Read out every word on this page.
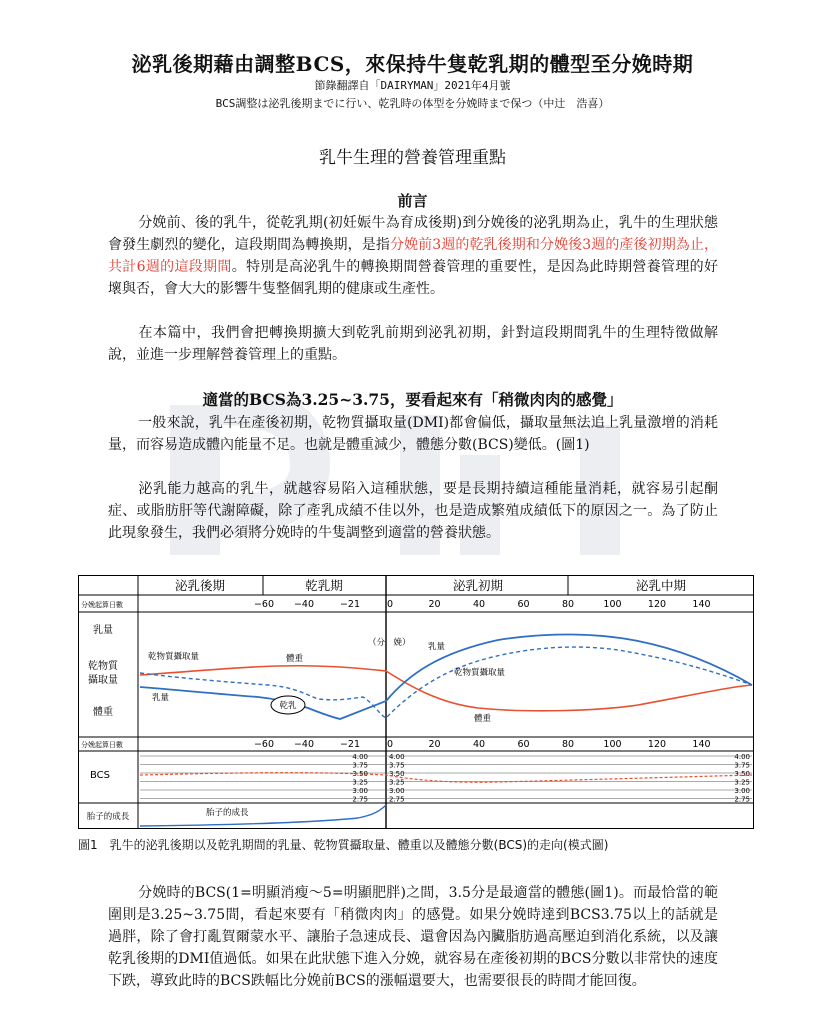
泌乳後期藉由調整BCS，來保持牛隻乾乳期的體型至分娩時期
節錄翻譯自「DAIRYMAN」2021年4月號
BCS調整は泌乳後期までに行い、乾乳時の体型を分娩時まで保つ（中辻　浩喜）
乳牛生理的營養管理重點
前言
分娩前、後的乳牛，從乾乳期(初妊娠牛為育成後期)到分娩後的泌乳期為止，乳牛的生理狀態會發生劇烈的變化，這段期間為轉換期，是指分娩前3週的乾乳後期和分娩後3週的產後初期為止，共計6週的這段期間。特別是高泌乳牛的轉換期間營養管理的重要性，是因為此時期營養管理的好壞與否，會大大的影響牛隻整個乳期的健康或生產性。
在本篇中，我們會把轉換期擴大到乾乳前期到泌乳初期，針對這段期間乳牛的生理特徵做解說，並進一步理解營養管理上的重點。
適當的BCS為3.25~3.75，要看起來有「稍微肉肉的感覺」
一般來說，乳牛在產後初期，乾物質攝取量(DMI)都會偏低，攝取量無法追上乳量激增的消耗量，而容易造成體內能量不足。也就是體重減少，體態分數(BCS)變低。(圖1)
泌乳能力越高的乳牛，就越容易陷入這種狀態，要是長期持續這種能量消耗，就容易引起酮症、或脂肪肝等代謝障礙，除了產乳成績不佳以外，也是造成繁殖成績低下的原因之一。為了防止此現象發生，我們必須將分娩時的牛隻調整到適當的營養狀態。
泌乳後期	乾乳期	泌乳初期	泌乳中期
分娩起算日數	−60 −40	−21	0	20	40	60	80	100	120	140
乳量
乾物質
攝取量
體重
乾物質攝取量	體重
乳量
乾乳
（分　娩） 乳量
乾物質攝取量
體重
分娩起算日數	−60 −40	−21	0	20	40	60	80	100	120	140
BCS
4.00	4.00	4.00
3.75	3.75	3.75
3.50	3.50	3.50
3.25	3.25	3.25
3.00	3.00	3.00
2.75	2.75	2.75
胎子的成長	胎子的成長
圖1　乳牛的泌乳後期以及乾乳期間的乳量、乾物質攝取量、體重以及體態分數(BCS)的走向(模式圖)
分娩時的BCS(1=明顯消瘦～5=明顯肥胖)之間，3.5分是最適當的體態(圖1)。而最恰當的範圍則是3.25~3.75間，看起來要有「稍微肉肉」的感覺。如果分娩時達到BCS3.75以上的話就是過胖，除了會打亂賀爾蒙水平、讓胎子急速成長、還會因為內臟脂肪過高壓迫到消化系統，以及讓乾乳後期的DMI值過低。如果在此狀態下進入分娩，就容易在產後初期的BCS分數以非常快的速度下跌，導致此時的BCS跌幅比分娩前BCS的漲幅還要大，也需要很長的時間才能回復。
